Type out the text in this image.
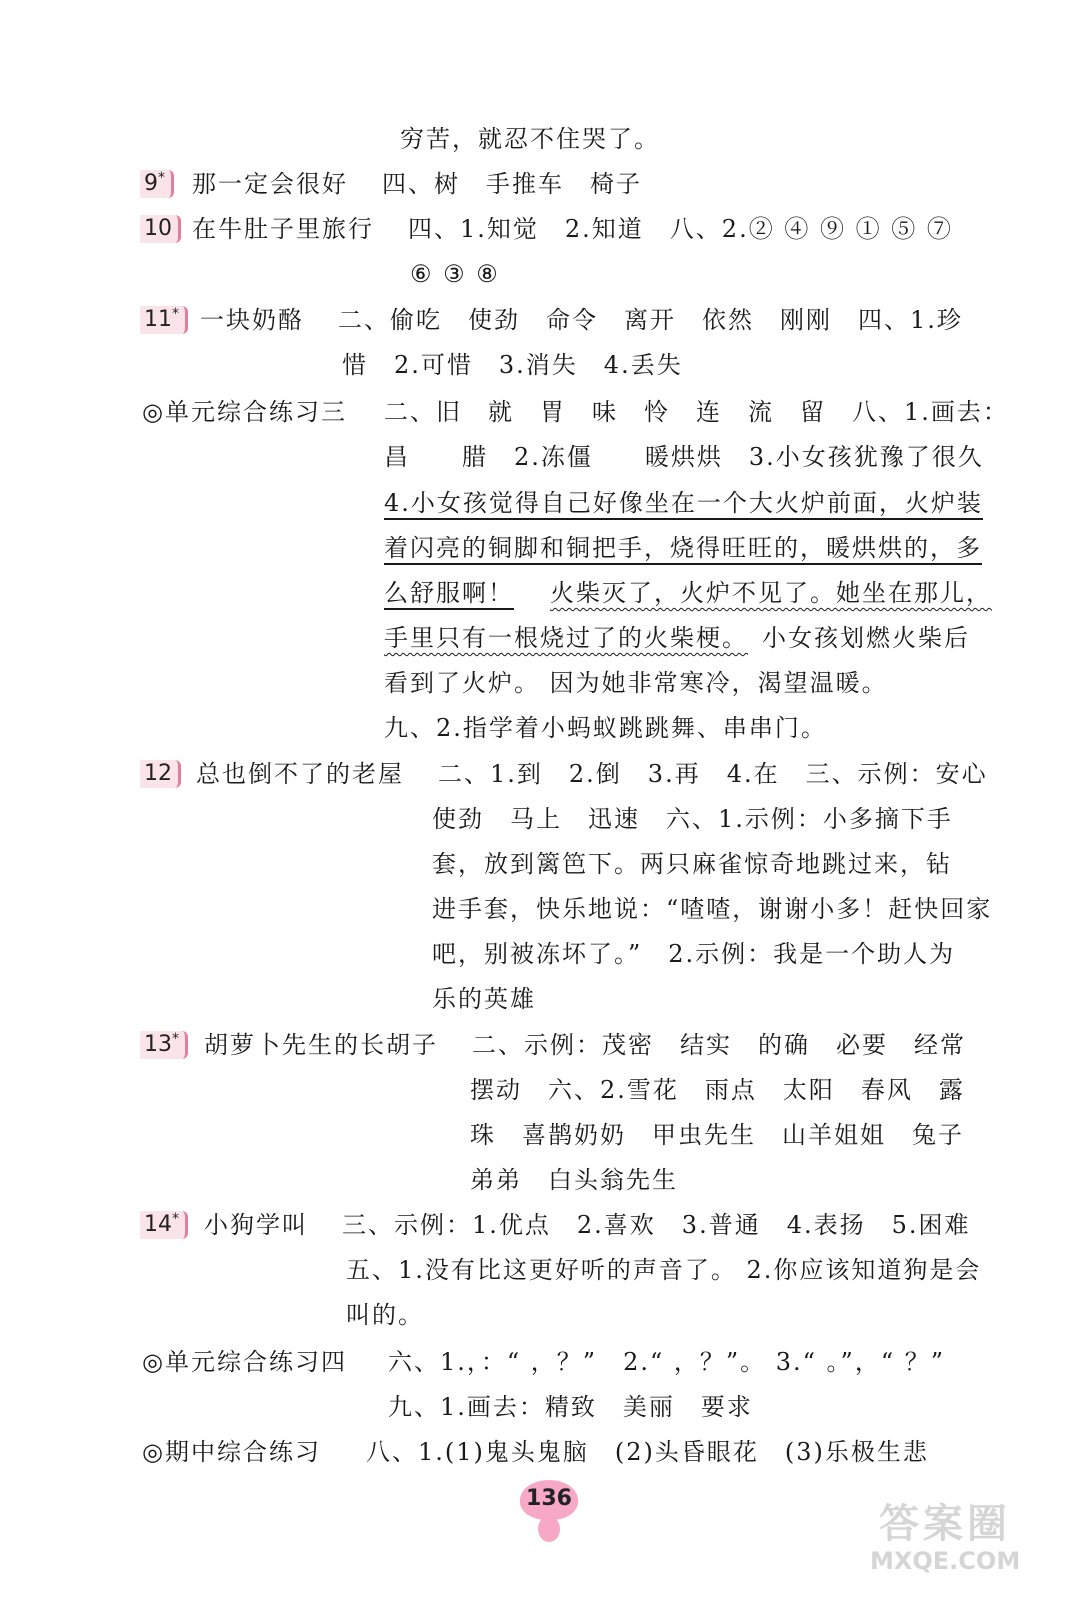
穷苦，就忍不住哭了。
9*	那一定会很好 四、树　手推车　椅子
10 在牛肚子里旅行 四、1.知觉　2.知道　八、2.② ④ ⑨ ① ⑤ ⑦
⑥ ③ ⑧
11* 一块奶酪 二、偷吃　使劲　命令　离开　依然　刚刚　四、1.珍
惜　2.可惜　3.消失　4.丢失
◎单元综合练习三 二、旧　就　胃　味　怜　连　流　留　八、1.画去：
昌　　腊　2.冻僵　　暖烘烘　3.小女孩犹豫了很久
4.小女孩觉得自己好像坐在一个大火炉前面，火炉装
着闪亮的铜脚和铜把手，烧得旺旺的，暖烘烘的，多
么舒服啊！ 火柴灭了，火炉不见了。她坐在那儿，
手里只有一根烧过了的火柴梗。 小女孩划燃火柴后
看到了火炉。 因为她非常寒冷，渴望温暖。
九、2.指学着小蚂蚁跳跳舞、串串门。
12	总也倒不了的老屋 二、1.到　2.倒　3.再　4.在　三、示例：安心
使劲　马上　迅速　六、1.示例：小多摘下手
套，放到篱笆下。两只麻雀惊奇地跳过来，钻
进手套，快乐地说：“喳喳，谢谢小多！赶快回家
吧，别被冻坏了。”　2.示例：我是一个助人为
乐的英雄
13*	胡萝卜先生的长胡子 二、示例：茂密　结实　的确　必要　经常
摆动　六、2.雪花　雨点　太阳　春风　露
珠　喜鹊奶奶　甲虫先生　山羊姐姐　兔子
弟弟　白头翁先生
14*	小狗学叫 三、示例：1.优点　2.喜欢　3.普通　4.表扬　5.困难
五、1.没有比这更好听的声音了。 2.你应该知道狗是会
叫的。
◎单元综合练习四 六、1.，：“ ，？”　2.“ ，？”。 3.“ 。”，“ ？”
九、1.画去：精致　美丽　要求
◎期中综合练习 八、1.(1)鬼头鬼脑　(2)头昏眼花　(3)乐极生悲
136
答案圈
MXQE.COM
